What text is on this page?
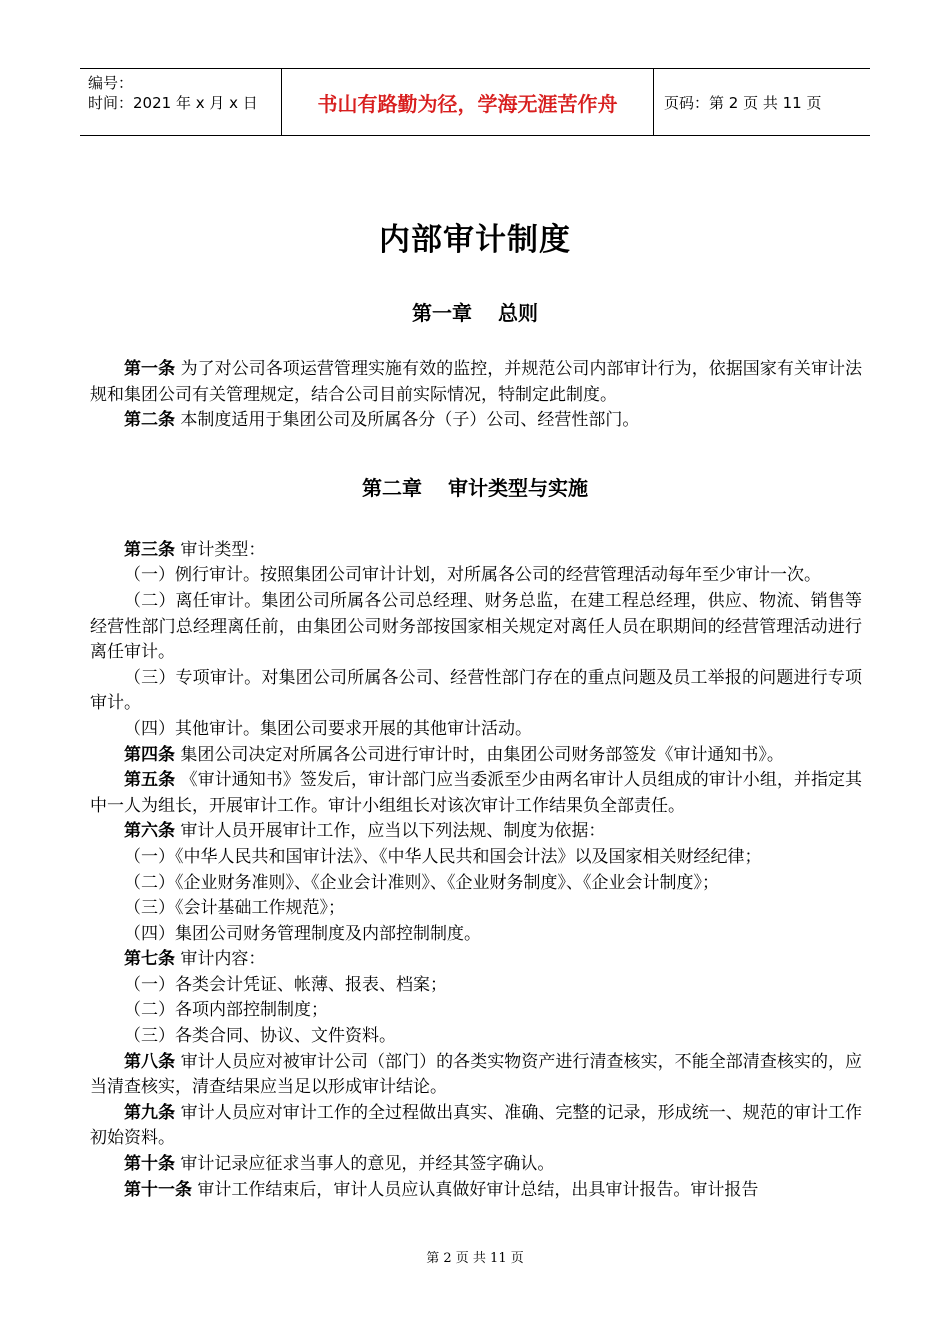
编号：
时间：2021 年 x 月 x 日	书山有路勤为径，学海无涯苦作舟	页码：第 2 页 共 11 页
内部审计制度
第一章 总则
第二章 审计类型与实施

第一条 为了对公司各项运营管理实施有效的监控，并规范公司内部审计行为，依据国家有关审计法规和集团公司有关管理规定，结合公司目前实际情况，特制定此制度。

第二条 本制度适用于集团公司及所属各分（子）公司、经营性部门。

第三条 审计类型：

（一）例行审计。按照集团公司审计计划，对所属各公司的经营管理活动每年至少审计一次。

（二）离任审计。集团公司所属各公司总经理、财务总监，在建工程总经理，供应、物流、销售等经营性部门总经理离任前，由集团公司财务部按国家相关规定对离任人员在职期间的经营管理活动进行离任审计。

（三）专项审计。对集团公司所属各公司、经营性部门存在的重点问题及员工举报的问题进行专项审计。

（四）其他审计。集团公司要求开展的其他审计活动。

第四条 集团公司决定对所属各公司进行审计时，由集团公司财务部签发《审计通知书》。

第五条 《审计通知书》签发后，审计部门应当委派至少由两名审计人员组成的审计小组，并指定其中一人为组长，开展审计工作。审计小组组长对该次审计工作结果负全部责任。

第六条 审计人员开展审计工作，应当以下列法规、制度为依据：

（一）《中华人民共和国审计法》、《中华人民共和国会计法》以及国家相关财经纪律；

（二）《企业财务准则》、《企业会计准则》、《企业财务制度》、《企业会计制度》；

（三）《会计基础工作规范》；

（四）集团公司财务管理制度及内部控制制度。

第七条 审计内容：

（一）各类会计凭证、帐薄、报表、档案；

（二）各项内部控制制度；

（三）各类合同、协议、文件资料。

第八条 审计人员应对被审计公司（部门）的各类实物资产进行清查核实，不能全部清查核实的，应当清查核实，清查结果应当足以形成审计结论。

第九条 审计人员应对审计工作的全过程做出真实、准确、完整的记录，形成统一、规范的审计工作初始资料。

第十条 审计记录应征求当事人的意见，并经其签字确认。

第十一条 审计工作结束后，审计人员应认真做好审计总结，出具审计报告。审计报告

第 2 页 共 11 页
